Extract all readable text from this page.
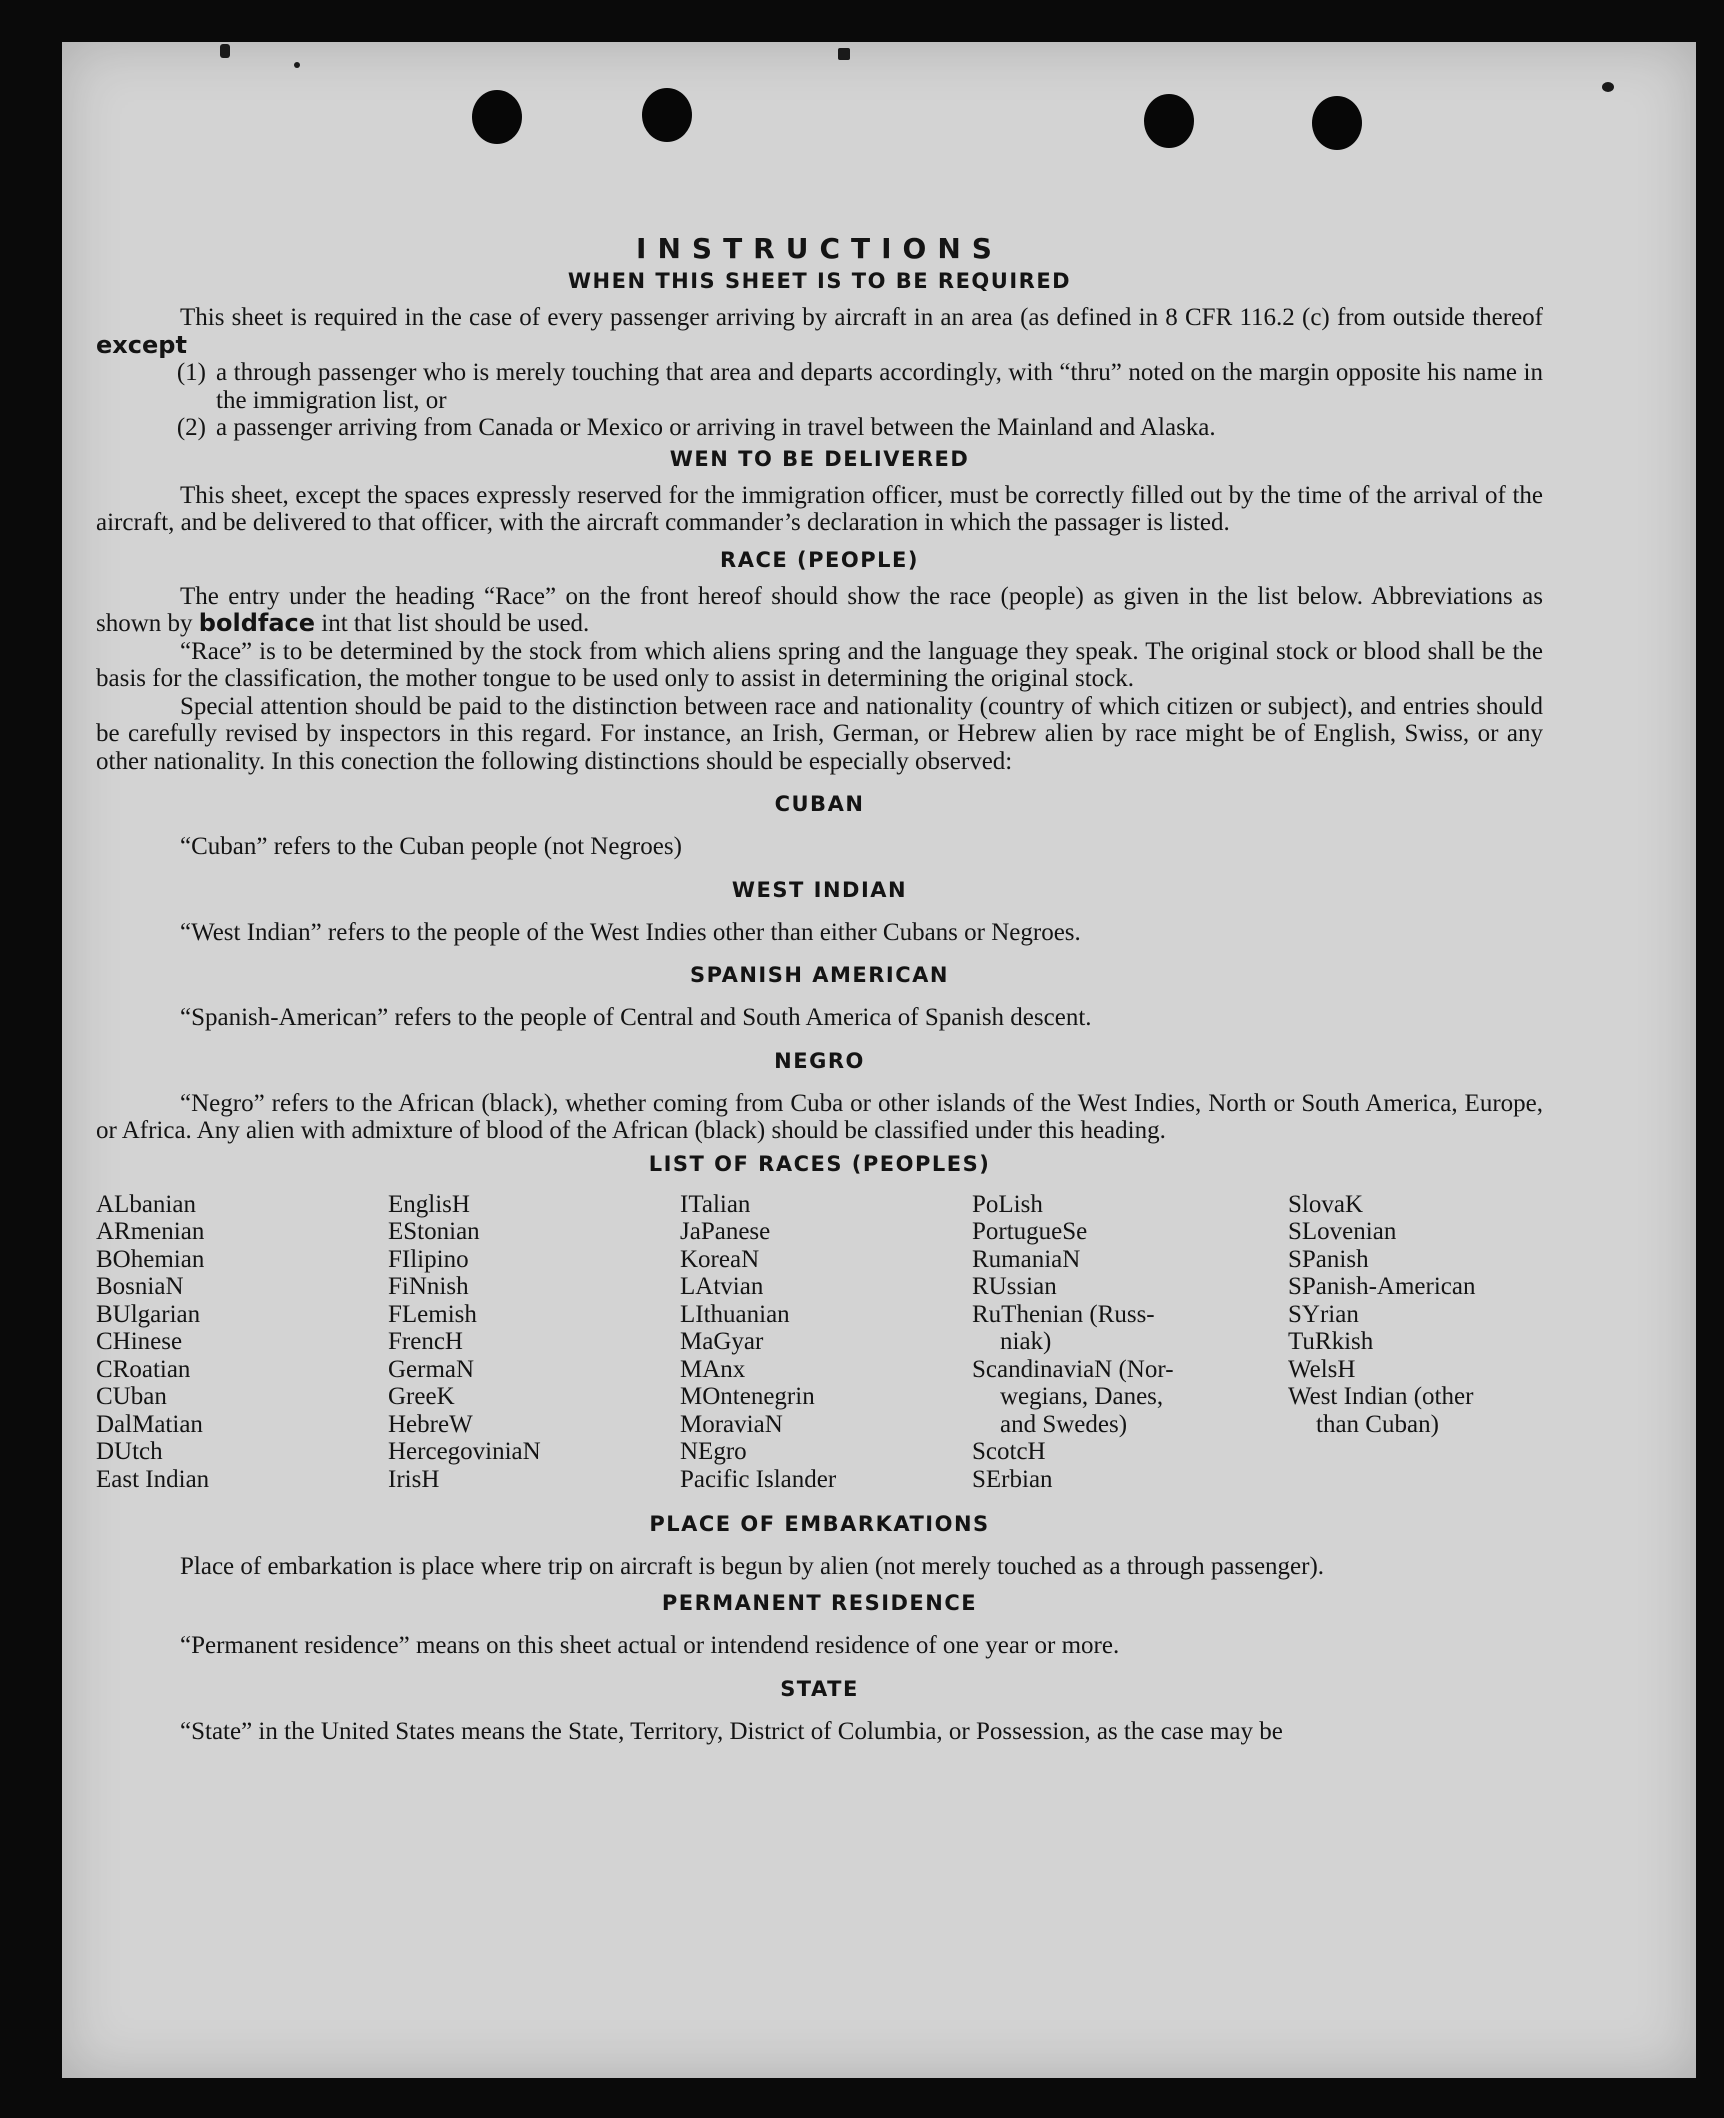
INSTRUCTIONS
WHEN THIS SHEET IS TO BE REQUIRED

This sheet is required in the case of every passenger arriving by aircraft in an area (as defined in 8 CFR 116.2 (c) from outside thereof except

(1) a through passenger who is merely touching that area and departs accordingly, with “thru” noted on the margin opposite his name in the immigration list, or
(2) a passenger arriving from Canada or Mexico or arriving in travel between the Mainland and Alaska.
WEN TO BE DELIVERED

This sheet, except the spaces expressly reserved for the immigration officer, must be correctly filled out by the time of the arrival of the aircraft, and be delivered to that officer, with the aircraft commander’s declaration in which the passager is listed.

RACE (PEOPLE)

The entry under the heading “Race” on the front hereof should show the race (people) as given in the list below. Abbreviations as shown by boldface int that list should be used.

“Race” is to be determined by the stock from which aliens spring and the language they speak. The original stock or blood shall be the basis for the classification, the mother tongue to be used only to assist in determining the original stock.

Special attention should be paid to the distinction between race and nationality (country of which citizen or subject), and entries should be carefully revised by inspectors in this regard. For instance, an Irish, German, or Hebrew alien by race might be of English, Swiss, or any other nationality. In this conection the following distinctions should be especially observed:

CUBAN

“Cuban” refers to the Cuban people (not Negroes)

WEST INDIAN

“West Indian” refers to the people of the West Indies other than either Cubans or Negroes.

SPANISH AMERICAN

“Spanish-American” refers to the people of Central and South America of Spanish descent.

NEGRO

“Negro” refers to the African (black), whether coming from Cuba or other islands of the West Indies, North or South America, Europe, or Africa. Any alien with admixture of blood of the African (black) should be classified under this heading.

LIST OF RACES (PEOPLES)
ALbanian
ARmenian
BOhemian
BosniaN
BUlgarian
CHinese
CRoatian
CUban
DalMatian
DUtch
East Indian
EnglisH
EStonian
FIlipino
FiNnish
FLemish
FrencH
GermaN
GreeK
HebreW
HercegoviniaN
IrisH
ITalian
JaPanese
KoreaN
LAtvian
LIthuanian
MaGyar
MAnx
MOntenegrin
MoraviaN
NEgro
Pacific Islander
PoLish
PortugueSe
RumaniaN
RUssian
RuThenian (Russ-
niak)
ScandinaviaN (Nor-
wegians, Danes,
and Swedes)
ScotcH
SErbian
SlovaK
SLovenian
SPanish
SPanish-American
SYrian
TuRkish
WelsH
West Indian (other
than Cuban)
PLACE OF EMBARKATIONS

Place of embarkation is place where trip on aircraft is begun by alien (not merely touched as a through passenger).

PERMANENT RESIDENCE

“Permanent residence” means on this sheet actual or intendend residence of one year or more.

STATE

“State” in the United States means the State, Territory, District of Columbia, or Possession, as the case may be
